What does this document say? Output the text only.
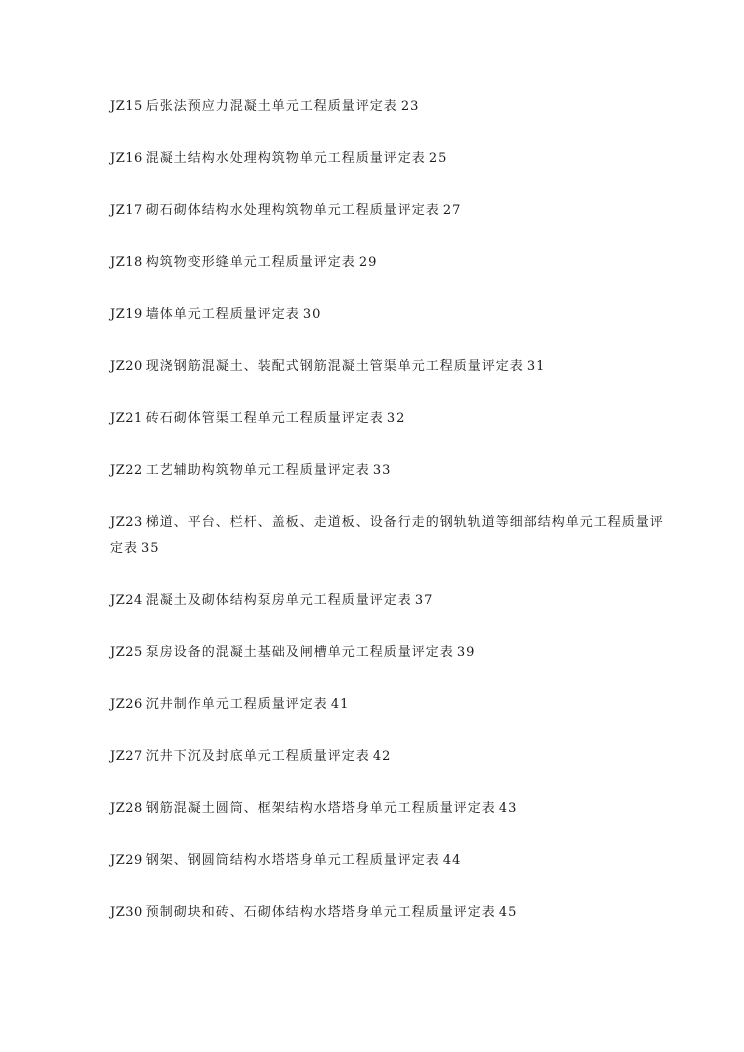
JZ15 后张法预应力混凝土单元工程质量评定表 23
JZ16 混凝土结构水处理构筑物单元工程质量评定表 25
JZ17 砌石砌体结构水处理构筑物单元工程质量评定表 27
JZ18 构筑物变形缝单元工程质量评定表 29
JZ19 墙体单元工程质量评定表 30
JZ20 现浇钢筋混凝土、装配式钢筋混凝土管渠单元工程质量评定表 31
JZ21 砖石砌体管渠工程单元工程质量评定表 32
JZ22 工艺辅助构筑物单元工程质量评定表 33
JZ23 梯道、平台、栏杆、盖板、走道板、设备行走的钢轨轨道等细部结构单元工程质量评定表 35
JZ24 混凝土及砌体结构泵房单元工程质量评定表 37
JZ25 泵房设备的混凝土基础及闸槽单元工程质量评定表 39
JZ26 沉井制作单元工程质量评定表 41
JZ27 沉井下沉及封底单元工程质量评定表 42
JZ28 钢筋混凝土圆筒、框架结构水塔塔身单元工程质量评定表 43
JZ29 钢架、钢圆筒结构水塔塔身单元工程质量评定表 44
JZ30 预制砌块和砖、石砌体结构水塔塔身单元工程质量评定表 45
